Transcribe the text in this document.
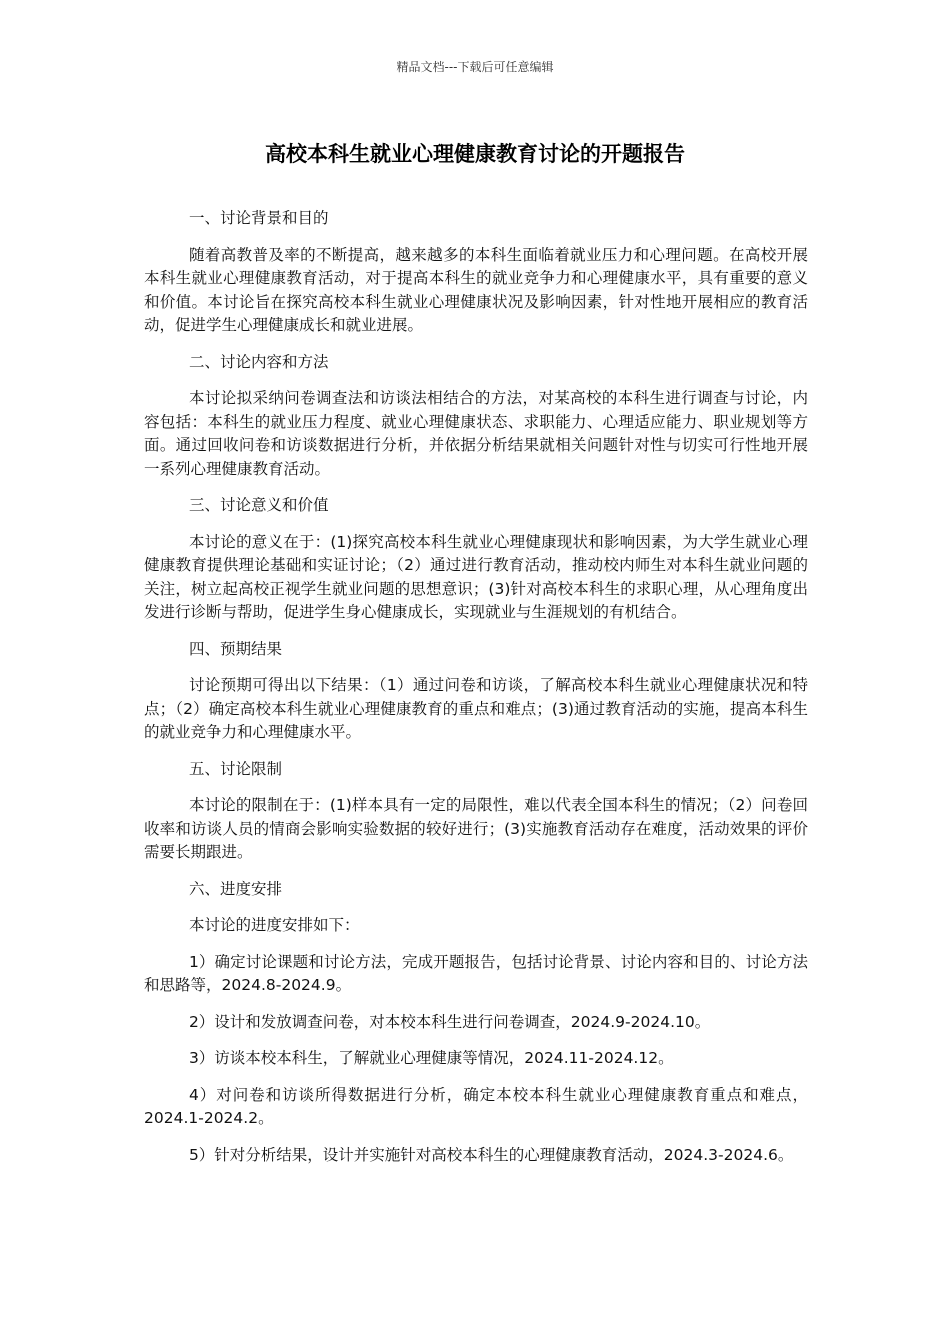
精品文档---下载后可任意编辑
高校本科生就业心理健康教育讨论的开题报告

一、讨论背景和目的

随着高教普及率的不断提高，越来越多的本科生面临着就业压力和心理问题。在高校开展本科生就业心理健康教育活动，对于提高本科生的就业竞争力和心理健康水平，具有重要的意义和价值。本讨论旨在探究高校本科生就业心理健康状况及影响因素，针对性地开展相应的教育活动，促进学生心理健康成长和就业进展。

二、讨论内容和方法

本讨论拟采纳问卷调查法和访谈法相结合的方法，对某高校的本科生进行调查与讨论，内容包括：本科生的就业压力程度、就业心理健康状态、求职能力、心理适应能力、职业规划等方面。通过回收问卷和访谈数据进行分析，并依据分析结果就相关问题针对性与切实可行性地开展一系列心理健康教育活动。

三、讨论意义和价值

本讨论的意义在于：(1)探究高校本科生就业心理健康现状和影响因素，为大学生就业心理健康教育提供理论基础和实证讨论；（2）通过进行教育活动，推动校内师生对本科生就业问题的关注，树立起高校正视学生就业问题的思想意识；(3)针对高校本科生的求职心理，从心理角度出发进行诊断与帮助，促进学生身心健康成长，实现就业与生涯规划的有机结合。

四、预期结果

讨论预期可得出以下结果：（1）通过问卷和访谈，了解高校本科生就业心理健康状况和特点；（2）确定高校本科生就业心理健康教育的重点和难点；(3)通过教育活动的实施，提高本科生的就业竞争力和心理健康水平。

五、讨论限制

本讨论的限制在于：(1)样本具有一定的局限性，难以代表全国本科生的情况；（2）问卷回收率和访谈人员的情商会影响实验数据的较好进行；(3)实施教育活动存在难度，活动效果的评价需要长期跟进。

六、进度安排

本讨论的进度安排如下：

1）确定讨论课题和讨论方法，完成开题报告，包括讨论背景、讨论内容和目的、讨论方法和思路等，2024.8-2024.9。

2）设计和发放调查问卷，对本校本科生进行问卷调查，2024.9-2024.10。

3）访谈本校本科生，了解就业心理健康等情况，2024.11-2024.12。

4）对问卷和访谈所得数据进行分析，确定本校本科生就业心理健康教育重点和难点，2024.1-2024.2。

5）针对分析结果，设计并实施针对高校本科生的心理健康教育活动，2024.3-2024.6。
